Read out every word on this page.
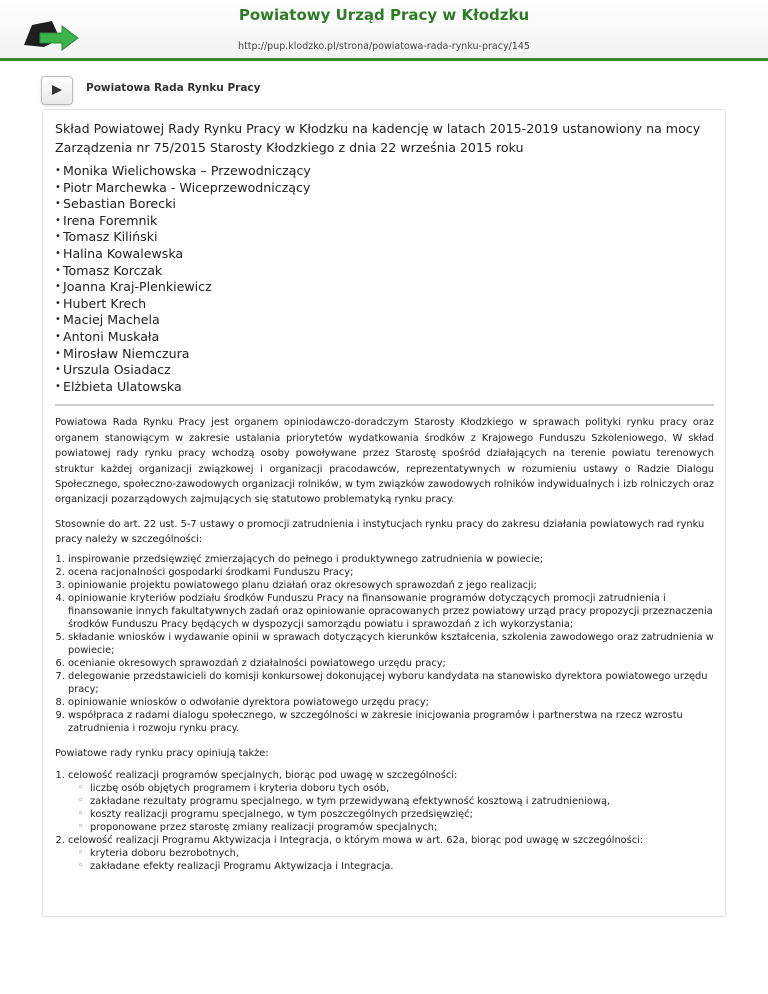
Powiatowy Urząd Pracy w Kłodzku
http://pup.klodzko.pl/strona/powiatowa-rada-rynku-pracy/145
Powiatowa Rada Rynku Pracy

Skład Powiatowej Rady Rynku Pracy w Kłodzku na kadencję w latach 2015-2019 ustanowiony na mocy Zarządzenia nr 75/2015 Starosty Kłodzkiego z dnia 22 września 2015 roku

• Monika Wielichowska – Przewodniczący
• Piotr Marchewka - Wiceprzewodniczący
• Sebastian Borecki
• Irena Foremnik
• Tomasz Kiliński
• Halina Kowalewska
• Tomasz Korczak
• Joanna Kraj-Plenkiewicz
• Hubert Krech
• Maciej Machela
• Antoni Muskała
• Mirosław Niemczura
• Urszula Osiadacz
• Elżbieta Ulatowska

Powiatowa Rada Rynku Pracy jest organem opiniodawczo-doradczym Starosty Kłodzkiego w sprawach polityki rynku pracy oraz organem stanowiącym w zakresie ustalania priorytetów wydatkowania środków z Krajowego Funduszu Szkoleniowego. W skład powiatowej rady rynku pracy wchodzą osoby powoływane przez Starostę spośród działających na terenie powiatu terenowych struktur każdej organizacji związkowej i organizacji pracodawców, reprezentatywnych w rozumieniu ustawy o Radzie Dialogu Społecznego, społeczno-zawodowych organizacji rolników, w tym związków zawodowych rolników indywidualnych i izb rolniczych oraz organizacji pozarządowych zajmujących się statutowo problematyką rynku pracy.

Stosownie do art. 22 ust. 5-7 ustawy o promocji zatrudnienia i instytucjach rynku pracy do zakresu działania powiatowych rad rynku pracy należy w szczególności:

1. inspirowanie przedsięwzięć zmierzających do pełnego i produktywnego zatrudnienia w powiecie;
2. ocena racjonalności gospodarki środkami Funduszu Pracy;
3. opiniowanie projektu powiatowego planu działań oraz okresowych sprawozdań z jego realizacji;
4. opiniowanie kryteriów podziału środków Funduszu Pracy na finansowanie programów dotyczących promocji zatrudnienia i finansowanie innych fakultatywnych zadań oraz opiniowanie opracowanych przez powiatowy urząd pracy propozycji przeznaczenia środków Funduszu Pracy będących w dyspozycji samorządu powiatu i sprawozdań z ich wykorzystania;
5. składanie wniosków i wydawanie opinii w sprawach dotyczących kierunków kształcenia, szkolenia zawodowego oraz zatrudnienia w powiecie;
6. ocenianie okresowych sprawozdań z działalności powiatowego urzędu pracy;
7. delegowanie przedstawicieli do komisji konkursowej dokonującej wyboru kandydata na stanowisko dyrektora powiatowego urzędu pracy;
8. opiniowanie wniosków o odwołanie dyrektora powiatowego urzędu pracy;
9. współpraca z radami dialogu społecznego, w szczególności w zakresie inicjowania programów i partnerstwa na rzecz wzrostu zatrudnienia i rozwoju rynku pracy.

Powiatowe rady rynku pracy opiniują także:

1. celowość realizacji programów specjalnych, biorąc pod uwagę w szczególności:
◦ liczbę osób objętych programem i kryteria doboru tych osób,
◦ zakładane rezultaty programu specjalnego, w tym przewidywaną efektywność kosztową i zatrudnieniową,
◦ koszty realizacji programu specjalnego, w tym poszczególnych przedsięwzięć;
◦ proponowane przez starostę zmiany realizacji programów specjalnych;
2. celowość realizacji Programu Aktywizacja i Integracja, o którym mowa w art. 62a, biorąc pod uwagę w szczególności:
◦ kryteria doboru bezrobotnych,
◦ zakładane efekty realizacji Programu Aktywizacja i Integracja.
